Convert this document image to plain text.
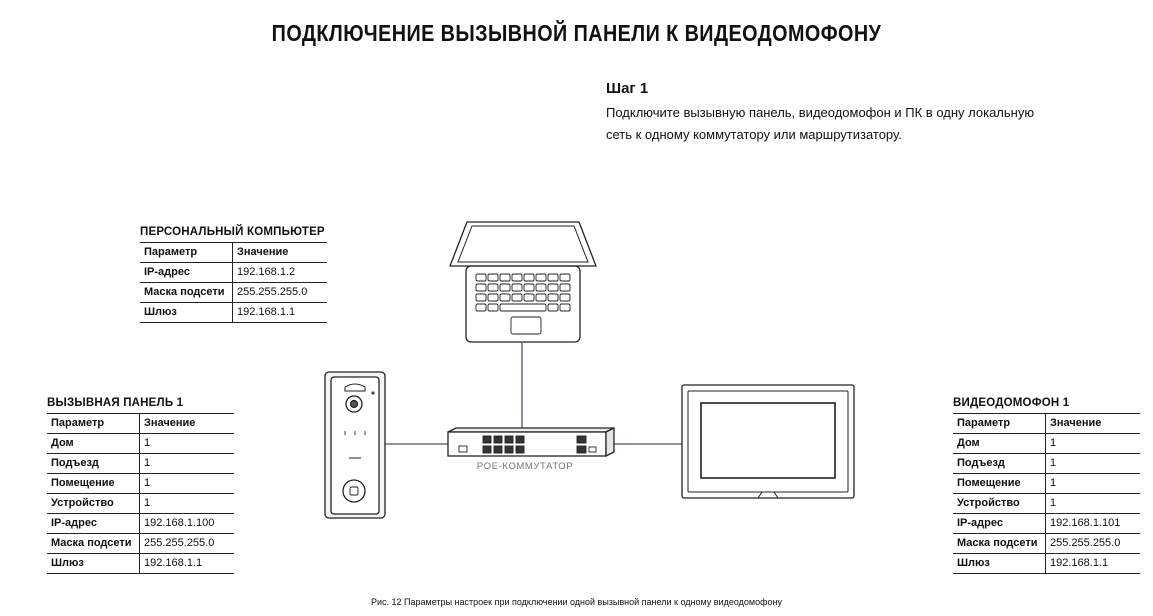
ПОДКЛЮЧЕНИЕ ВЫЗЫВНОЙ ПАНЕЛИ К ВИДЕОДОМОФОНУ
Шаг 1
Подключите вызывную панель, видеодомофон и ПК в одну локальную
сеть к одному коммутатору или маршрутизатору.
POE-КОММУТАТОР
ПЕРСОНАЛЬНЫЙ КОМПЬЮТЕР
Параметр	Значение
IP-адрес	192.168.1.2
Маска подсети	255.255.255.0
Шлюз	192.168.1.1
ВЫЗЫВНАЯ ПАНЕЛЬ 1
Параметр	Значение
Дом	1
Подъезд	1
Помещение	1
Устройство	1
IP-адрес	192.168.1.100
Маска подсети	255.255.255.0
Шлюз	192.168.1.1
ВИДЕОДОМОФОН 1
Параметр	Значение
Дом	1
Подъезд	1
Помещение	1
Устройство	1
IP-адрес	192.168.1.101
Маска подсети	255.255.255.0
Шлюз	192.168.1.1
Рис. 12 Параметры настроек при подключении одной вызывной панели к одному видеодомофону
